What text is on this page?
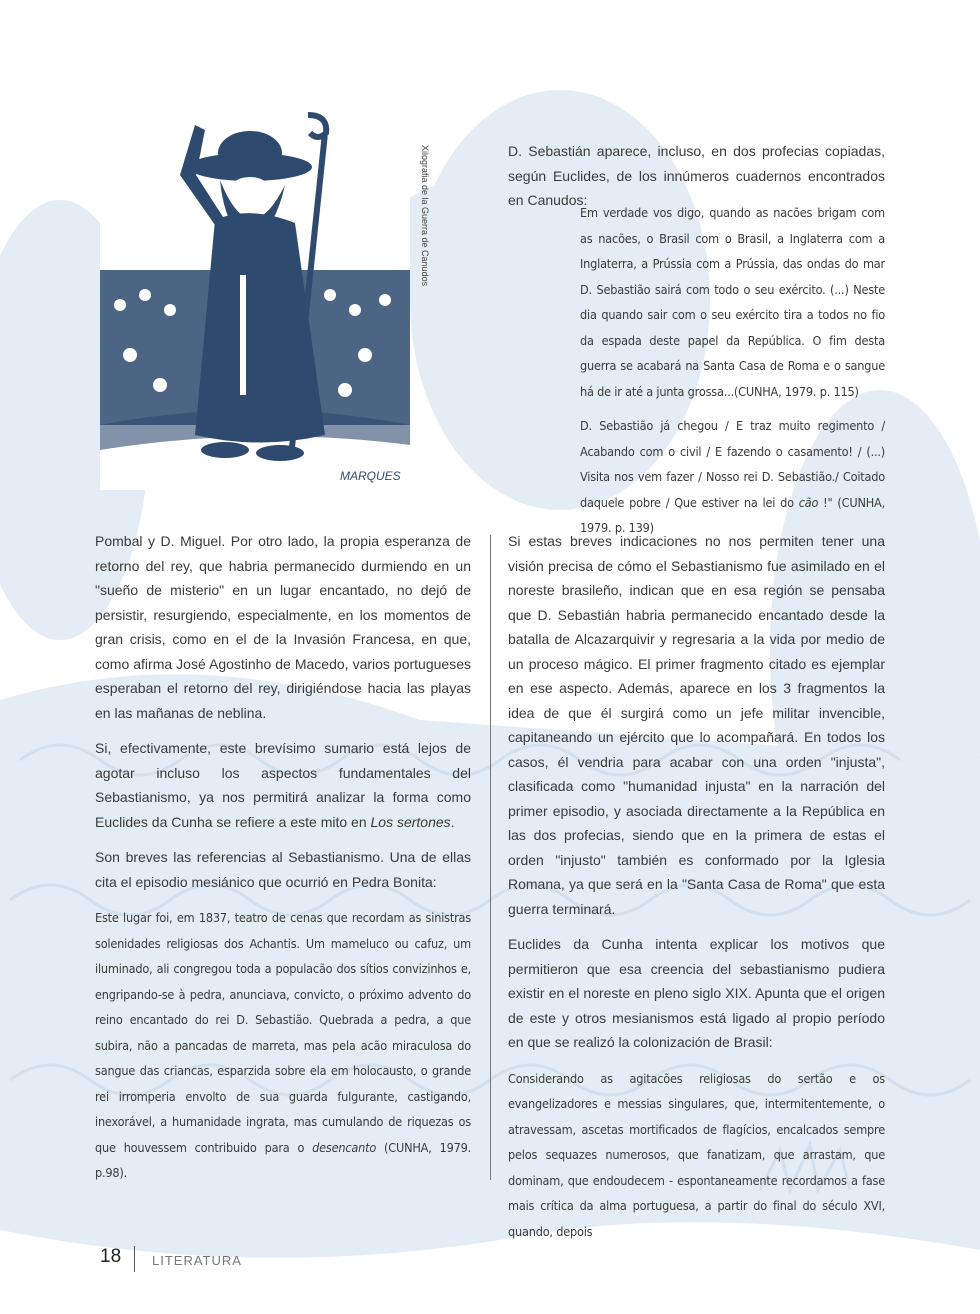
MARQUES
Xilografia de la Guerra de Canudos	D. Sebastián aparece, incluso, en dos profecias copiadas, según Euclides, de los innúmeros cuadernos encontrados en Canudos:

Em verdade vos digo, quando as nacões brigam com as nacões, o Brasil com o Brasil, a Inglaterra com a Inglaterra, a Prússia com a Prússia, das ondas do mar D. Sebastião sairá com todo o seu exército. (...) Neste dia quando sair com o seu exército tira a todos no fio da espada deste papel da República. O fim desta guerra se acabará na Santa Casa de Roma e o sangue há de ir até a junta grossa...(CUNHA, 1979. p. 115)

D. Sebastião já chegou / E traz muito regimento / Acabando com o civil / E fazendo o casamento! / (...) Visita nos vem fazer / Nosso rei D. Sebastião./ Coitado daquele pobre / Que estiver na lei do cão !" (CUNHA, 1979. p. 139)

Pombal y D. Miguel. Por otro lado, la propia esperanza de retorno del rey, que habria permanecido durmiendo en un "sueño de misterio" en un lugar encantado, no dejó de persistir, resurgiendo, especialmente, en los momentos de gran crisis, como en el de la Invasión Francesa, en que, como afirma José Agostinho de Macedo, varios portugueses esperaban el retorno del rey, dirigiéndose hacia las playas en las mañanas de neblina.

Si, efectivamente, este brevísimo sumario está lejos de agotar incluso los aspectos fundamentales del Sebastianismo, ya nos permitirá analizar la forma como Euclides da Cunha se refiere a este mito en Los sertones.

Son breves las referencias al Sebastianismo. Una de ellas cita el episodio mesiánico que ocurrió en Pedra Bonita:

Este lugar foi, em 1837, teatro de cenas que recordam as sinistras solenidades religiosas dos Achantis. Um mameluco ou cafuz, um iluminado, ali congregou toda a populacão dos sítios convizinhos e, engripando-se à pedra, anunciava, convicto, o próximo advento do reino encantado do rei D. Sebastião. Quebrada a pedra, a que subira, não a pancadas de marreta, mas pela acão miraculosa do sangue das criancas, esparzida sobre ela em holocausto, o grande rei irromperia envolto de sua guarda fulgurante, castigando, inexorável, a humanidade ingrata, mas cumulando de riquezas os que houvessem contribuido para o desencanto (CUNHA, 1979. p.98).

Si estas breves indicaciones no nos permiten tener una visión precisa de cómo el Sebastianismo fue asimilado en el noreste brasileño, indican que en esa región se pensaba que D. Sebastián habria permanecido encantado desde la batalla de Alcazarquivir y regresaria a la vida por medio de un proceso mágico. El primer fragmento citado es ejemplar en ese aspecto. Además, aparece en los 3 fragmentos la idea de que él surgirá como un jefe militar invencible, capitaneando un ejército que lo acompañará. En todos los casos, él vendria para acabar con una orden "injusta", clasificada como "humanidad injusta" en la narración del primer episodio, y asociada directamente a la República en las dos profecias, siendo que en la primera de estas el orden "injusto" también es conformado por la Iglesia Romana, ya que será en la "Santa Casa de Roma" que esta guerra terminará.

Euclides da Cunha intenta explicar los motivos que permitieron que esa creencia del sebastianismo pudiera existir en el noreste en pleno siglo XIX. Apunta que el origen de este y otros mesianismos está ligado al propio período en que se realizó la colonización de Brasil:

Considerando as agitacões religiosas do sertão e os evangelizadores e messias singulares, que, intermitentemente, o atravessam, ascetas mortificados de flagícios, encalcados sempre pelos sequazes numerosos, que fanatizam, que arrastam, que dominam, que endoudecem - espontaneamente recordamos a fase mais crítica da alma portuguesa, a partir do final do século XVI, quando, depois

18 LITERATURA
